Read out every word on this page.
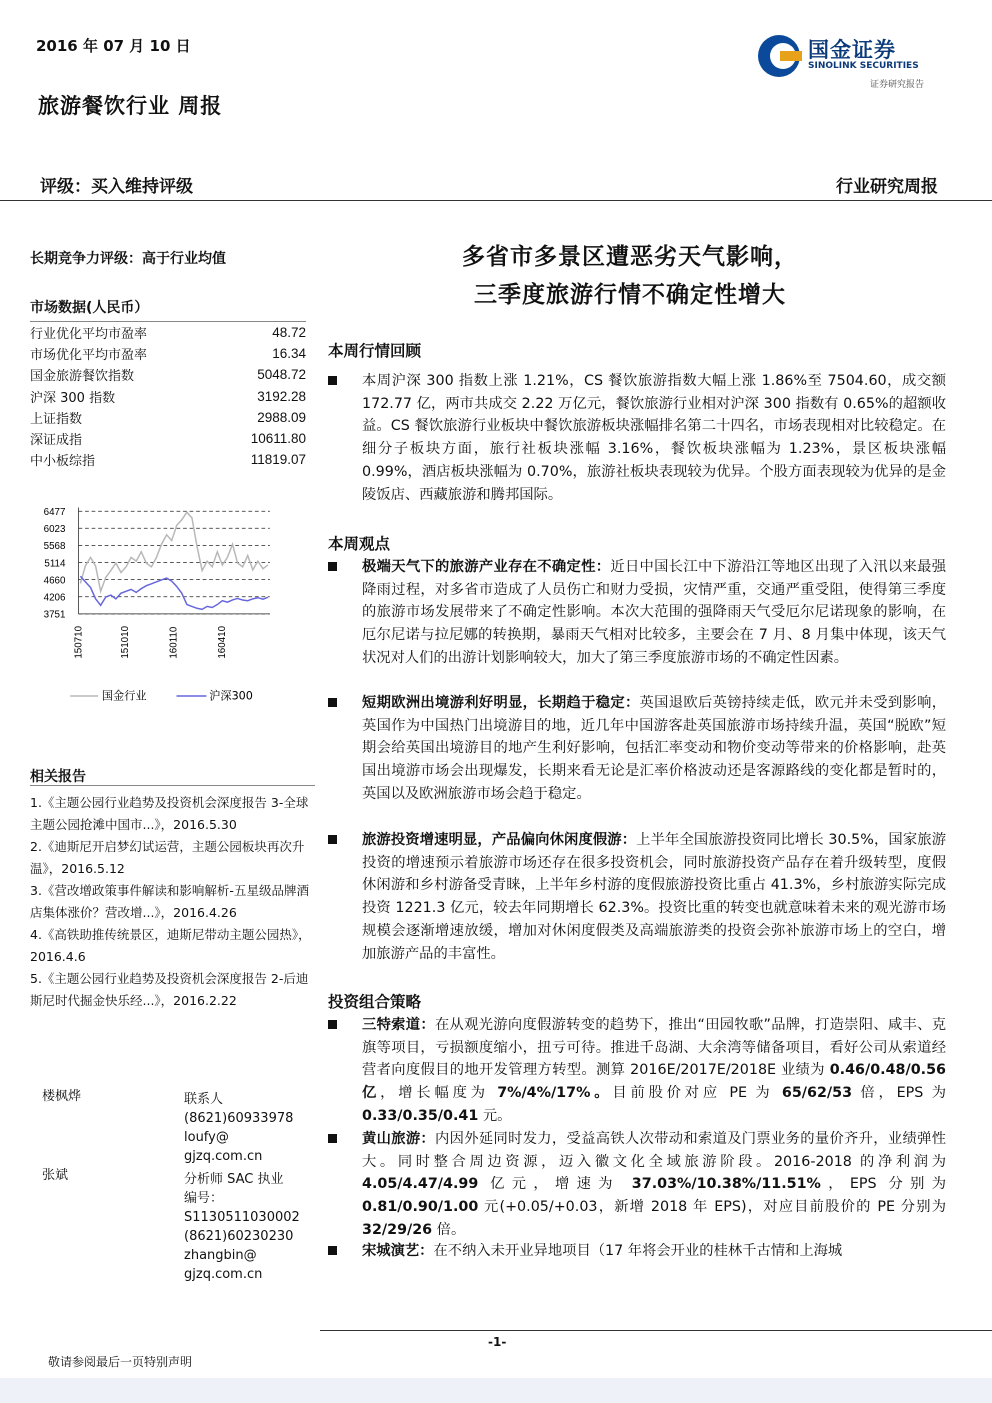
2016 年 07 月 10 日	国金证券
SINOLINK SECURITIES
证券研究报告
旅游餐饮行业 周报
评级：买入维持评级	行业研究周报
长期竞争力评级：高于行业均值
市场数据(人民币）
行业优化平均市盈率	48.72
市场优化平均市盈率	16.34
国金旅游餐饮指数	5048.72
沪深 300 指数	3192.28
上证指数	2988.09
深证成指	10611.80
中小板综指	11819.07
6477
6023
5568
5114
4660
4206
3751
150710	151010	160110	160410
国金行业	沪深300
相关报告
1.《主题公园行业趋势及投资机会深度报告 3-全球主题公园抢滩中国市...》，2016.5.30
2.《迪斯尼开启梦幻试运营，主题公园板块再次升温》，2016.5.12
3.《营改增政策事件解读和影响解析-五星级品牌酒店集体涨价？营改增...》，2016.4.26
4.《高铁助推传统景区，迪斯尼带动主题公园热》，2016.4.6
5.《主题公园行业趋势及投资机会深度报告 2-后迪斯尼时代掘金快乐经...》，2016.2.22
楼枫烨	联系人
(8621)60933978
loufy@
gjzq.com.cn
张斌	分析师 SAC 执业
编号：
S1130511030002
(8621)60230230
zhangbin@
gjzq.com.cn
多省市多景区遭恶劣天气影响，
三季度旅游行情不确定性增大
本周行情回顾
本周沪深 300 指数上涨 1.21%，CS 餐饮旅游指数大幅上涨 1.86%至 7504.60，成交额 172.77 亿，两市共成交 2.22 万亿元，餐饮旅游行业相对沪深 300 指数有 0.65%的超额收益。CS 餐饮旅游行业板块中餐饮旅游板块涨幅排名第二十四名，市场表现相对比较稳定。在细分子板块方面，旅行社板块涨幅 3.16%，餐饮板块涨幅为 1.23%，景区板块涨幅 0.99%，酒店板块涨幅为 0.70%，旅游社板块表现较为优异。个股方面表现较为优异的是金陵饭店、西藏旅游和腾邦国际。
本周观点
极端天气下的旅游产业存在不确定性：近日中国长江中下游沿江等地区出现了入汛以来最强降雨过程，对多省市造成了人员伤亡和财力受损，灾情严重，交通严重受阻，使得第三季度的旅游市场发展带来了不确定性影响。本次大范围的强降雨天气受厄尔尼诺现象的影响，在厄尔尼诺与拉尼娜的转换期，暴雨天气相对比较多，主要会在 7 月、8 月集中体现，该天气状况对人们的出游计划影响较大，加大了第三季度旅游市场的不确定性因素。
短期欧洲出境游利好明显，长期趋于稳定：英国退欧后英镑持续走低，欧元并未受到影响，英国作为中国热门出境游目的地，近几年中国游客赴英国旅游市场持续升温，英国“脱欧”短期会给英国出境游目的地产生利好影响，包括汇率变动和物价变动等带来的价格影响，赴英国出境游市场会出现爆发，长期来看无论是汇率价格波动还是客源路线的变化都是暂时的，英国以及欧洲旅游市场会趋于稳定。
旅游投资增速明显，产品偏向休闲度假游：上半年全国旅游投资同比增长 30.5%，国家旅游投资的增速预示着旅游市场还存在很多投资机会，同时旅游投资产品存在着升级转型，度假休闲游和乡村游备受青睐，上半年乡村游的度假旅游投资比重占 41.3%，乡村旅游实际完成投资 1221.3 亿元，较去年同期增长 62.3%。投资比重的转变也就意味着未来的观光游市场规模会逐渐增速放缓，增加对休闲度假类及高端旅游类的投资会弥补旅游市场上的空白，增加旅游产品的丰富性。
投资组合策略
三特索道：在从观光游向度假游转变的趋势下，推出“田园牧歌”品牌，打造崇阳、咸丰、克旗等项目，亏损额度缩小，扭亏可待。推进千岛湖、大余湾等储备项目，看好公司从索道经营者向度假目的地开发管理方转型。测算 2016E/2017E/2018E 业绩为 0.46/0.48/0.56 亿，增长幅度为 7%/4%/17%。目前股价对应 PE 为 65/62/53 倍，EPS 为 0.33/0.35/0.41 元。
黄山旅游：内因外延同时发力，受益高铁人次带动和索道及门票业务的量价齐升，业绩弹性大。同时整合周边资源，迈入徽文化全域旅游阶段。2016-2018 的净利润为 4.05/4.47/4.99 亿元，增速为 37.03%/10.38%/11.51%，EPS 分别为 0.81/0.90/1.00 元(+0.05/+0.03，新增 2018 年 EPS)，对应目前股价的 PE 分别为 32/29/26 倍。
宋城演艺：在不纳入未开业异地项目（17 年将会开业的桂林千古情和上海城
-1-
敬请参阅最后一页特别声明
